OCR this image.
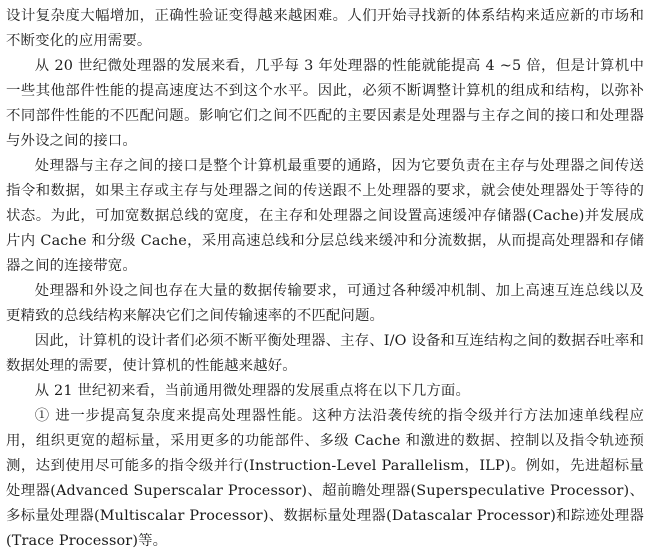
设计复杂度大幅增加，正确性验证变得越来越困难。人们开始寻找新的体系结构来适应新的市场和不断变化的应用需要。

从 20 世纪微处理器的发展来看，几乎每 3 年处理器的性能就能提高 4 ~5 倍，但是计算机中一些其他部件性能的提高速度达不到这个水平。因此，必须不断调整计算机的组成和结构，以弥补不同部件性能的不匹配问题。影响它们之间不匹配的主要因素是处理器与主存之间的接口和处理器与外设之间的接口。

处理器与主存之间的接口是整个计算机最重要的通路，因为它要负责在主存与处理器之间传送指令和数据，如果主存或主存与处理器之间的传送跟不上处理器的要求，就会使处理器处于等待的状态。为此，可加宽数据总线的宽度，在主存和处理器之间设置高速缓冲存储器(Cache)并发展成片内 Cache 和分级 Cache，采用高速总线和分层总线来缓冲和分流数据，从而提高处理器和存储器之间的连接带宽。

处理器和外设之间也存在大量的数据传输要求，可通过各种缓冲机制、加上高速互连总线以及更精致的总线结构来解决它们之间传输速率的不匹配问题。

因此，计算机的设计者们必须不断平衡处理器、主存、I/O 设备和互连结构之间的数据吞吐率和数据处理的需要，使计算机的性能越来越好。

从 21 世纪初来看，当前通用微处理器的发展重点将在以下几方面。

① 进一步提高复杂度来提高处理器性能。这种方法沿袭传统的指令级并行方法加速单线程应用，组织更宽的超标量，采用更多的功能部件、多级 Cache 和激进的数据、控制以及指令轨迹预测，达到使用尽可能多的指令级并行(Instruction-Level Parallelism，ILP)。例如，先进超标量处理器(Advanced Superscalar Processor)、超前瞻处理器(Superspeculative Processor)、多标量处理器(Multiscalar Processor)、数据标量处理器(Datascalar Processor)和踪迹处理器(Trace Processor)等。
